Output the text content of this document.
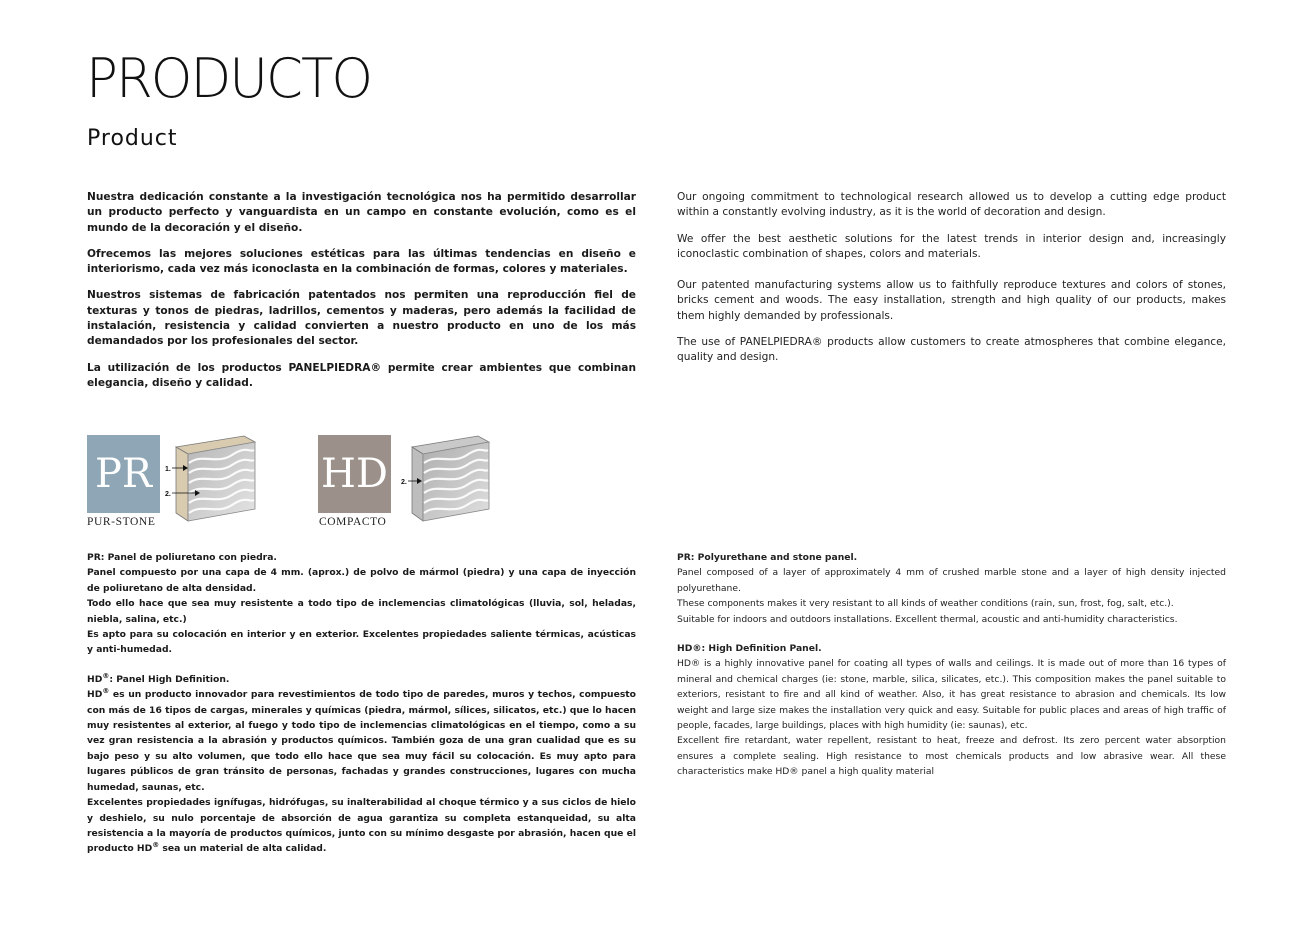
PRODUCTO
Product

Nuestra dedicación constante a la investigación tecnológica nos ha permitido desarrollar un producto perfecto y vanguardista en un campo en constante evolución, como es el mundo de la decoración y el diseño.

Ofrecemos las mejores soluciones estéticas para las últimas tendencias en diseño e interiorismo, cada vez más iconoclasta en la combinación de formas, colores y materiales.

Nuestros sistemas de fabricación patentados nos permiten una reproducción fiel de texturas y tonos de piedras, ladrillos, cementos y maderas, pero además la facilidad de instalación, resistencia y calidad convierten a nuestro producto en uno de los más demandados por los profesionales del sector.

La utilización de los productos PANELPIEDRA® permite crear ambientes que combinan elegancia, diseño y calidad.

Our ongoing commitment to technological research allowed us to develop a cutting edge product within a constantly evolving industry, as it is the world of decoration and design.

We offer the best aesthetic solutions for the latest trends in interior design and, increasingly iconoclastic combination of shapes, colors and materials.

Our patented manufacturing systems allow us to faithfully reproduce textures and colors of stones, bricks cement and woods. The easy installation, strength and high quality of our products, makes them highly demanded by professionals.

The use of PANELPIEDRA® products allow customers to create atmospheres that combine elegance, quality and design.

PR
PUR-STONE
1.
2.	HD
COMPACTO
2.

PR: Panel de poliuretano con piedra.

Panel compuesto por una capa de 4 mm. (aprox.) de polvo de mármol (piedra) y una capa de inyección de poliuretano de alta densidad.

Todo ello hace que sea muy resistente a todo tipo de inclemencias climatológicas (lluvia, sol, heladas, niebla, salina, etc.)

Es apto para su colocación en interior y en exterior. Excelentes propiedades saliente térmicas, acústicas y anti-humedad.

HD®: Panel High Definition.

HD® es un producto innovador para revestimientos de todo tipo de paredes, muros y techos, compuesto con más de 16 tipos de cargas, minerales y químicas (piedra, mármol, sílices, silicatos, etc.) que lo hacen muy resistentes al exterior, al fuego y todo tipo de inclemencias climatológicas en el tiempo, como a su vez gran resistencia a la abrasión y productos químicos. También goza de una gran cualidad que es su bajo peso y su alto volumen, que todo ello hace que sea muy fácil su colocación. Es muy apto para lugares públicos de gran tránsito de personas, fachadas y grandes construcciones, lugares con mucha humedad, saunas, etc.

Excelentes propiedades ignífugas, hidrófugas, su inalterabilidad al choque térmico y a sus ciclos de hielo y deshielo, su nulo porcentaje de absorción de agua garantiza su completa estanqueidad, su alta resistencia a la mayoría de productos químicos, junto con su mínimo desgaste por abrasión, hacen que el producto HD® sea un material de alta calidad.

PR: Polyurethane and stone panel.

Panel composed of a layer of approximately 4 mm of crushed marble stone and a layer of high density injected polyurethane.

These components makes it very resistant to all kinds of weather conditions (rain, sun, frost, fog, salt, etc.).

Suitable for indoors and outdoors installations. Excellent thermal, acoustic and anti-humidity characteristics.

HD®: High Definition Panel.

HD® is a highly innovative panel for coating all types of walls and ceilings. It is made out of more than 16 types of mineral and chemical charges (ie: stone, marble, silica, silicates, etc.). This composition makes the panel suitable to exteriors, resistant to fire and all kind of weather. Also, it has great resistance to abrasion and chemicals. Its low weight and large size makes the installation very quick and easy. Suitable for public places and areas of high traffic of people, facades, large buildings, places with high humidity (ie: saunas), etc.

Excellent fire retardant, water repellent, resistant to heat, freeze and defrost. Its zero percent water absorption ensures a complete sealing. High resistance to most chemicals products and low abrasive wear. All these characteristics make HD® panel a high quality material
